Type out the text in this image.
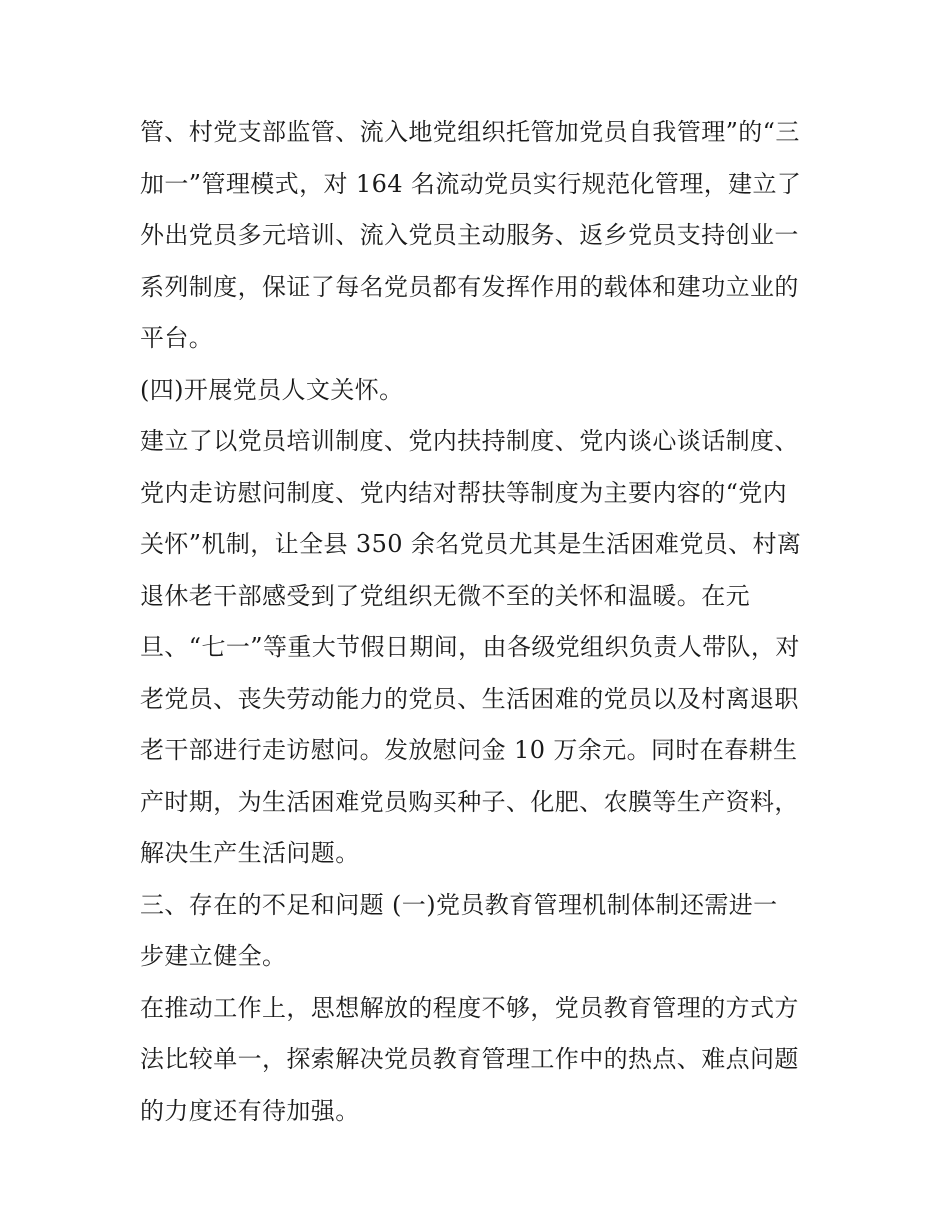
管、村党支部监管、流入地党组织托管加党员自我管理”的“三
加一”管理模式，对 164 名流动党员实行规范化管理，建立了
外出党员多元培训、流入党员主动服务、返乡党员支持创业一
系列制度，保证了每名党员都有发挥作用的载体和建功立业的
平台。
(四)开展党员人文关怀。
建立了以党员培训制度、党内扶持制度、党内谈心谈话制度、
党内走访慰问制度、党内结对帮扶等制度为主要内容的“党内
关怀”机制，让全县 350 余名党员尤其是生活困难党员、村离
退休老干部感受到了党组织无微不至的关怀和温暖。在元
旦、“七一”等重大节假日期间，由各级党组织负责人带队，对
老党员、丧失劳动能力的党员、生活困难的党员以及村离退职
老干部进行走访慰问。发放慰问金 10 万余元。同时在春耕生
产时期，为生活困难党员购买种子、化肥、农膜等生产资料，
解决生产生活问题。
三、存在的不足和问题 (一)党员教育管理机制体制还需进一
步建立健全。
在推动工作上，思想解放的程度不够，党员教育管理的方式方
法比较单一，探索解决党员教育管理工作中的热点、难点问题
的力度还有待加强。
